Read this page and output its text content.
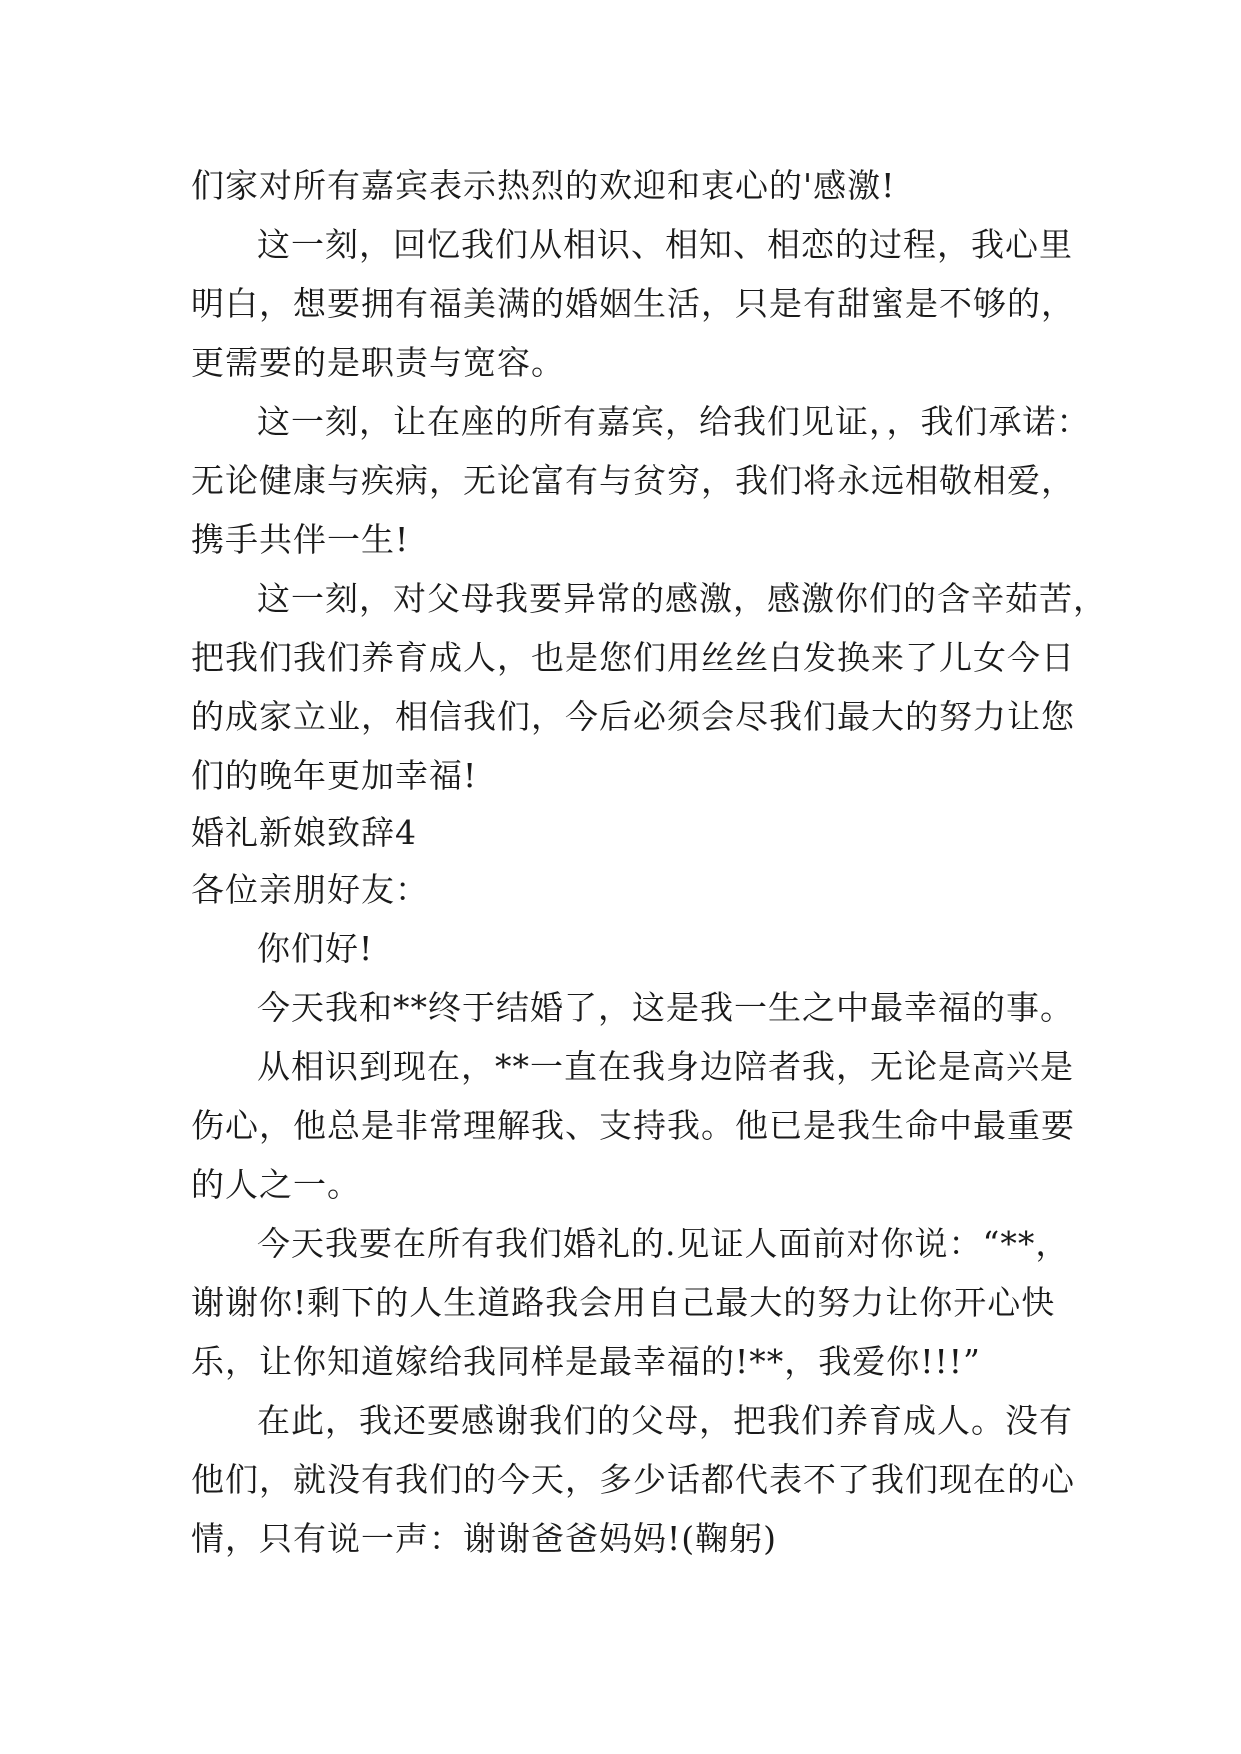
们家对所有嘉宾表示热烈的欢迎和衷心的'感激!
这一刻，回忆我们从相识、相知、相恋的过程，我心里
明白，想要拥有福美满的婚姻生活，只是有甜蜜是不够的，
更需要的是职责与宽容。
这一刻，让在座的所有嘉宾，给我们见证，，我们承诺：
无论健康与疾病，无论富有与贫穷，我们将永远相敬相爱，
携手共伴一生!
这一刻，对父母我要异常的感激，感激你们的含辛茹苦，
把我们我们养育成人，也是您们用丝丝白发换来了儿女今日
的成家立业，相信我们，今后必须会尽我们最大的努力让您
们的晚年更加幸福!
婚礼新娘致辞4
各位亲朋好友：
你们好!
今天我和**终于结婚了，这是我一生之中最幸福的事。
从相识到现在，**一直在我身边陪者我，无论是高兴是
伤心，他总是非常理解我、支持我。他已是我生命中最重要
的人之一。
今天我要在所有我们婚礼的.见证人面前对你说：“**，
谢谢你!剩下的人生道路我会用自己最大的努力让你开心快
乐，让你知道嫁给我同样是最幸福的!**，我爱你!!!”
在此，我还要感谢我们的父母，把我们养育成人。没有
他们，就没有我们的今天，多少话都代表不了我们现在的心
情，只有说一声：谢谢爸爸妈妈!(鞠躬)
